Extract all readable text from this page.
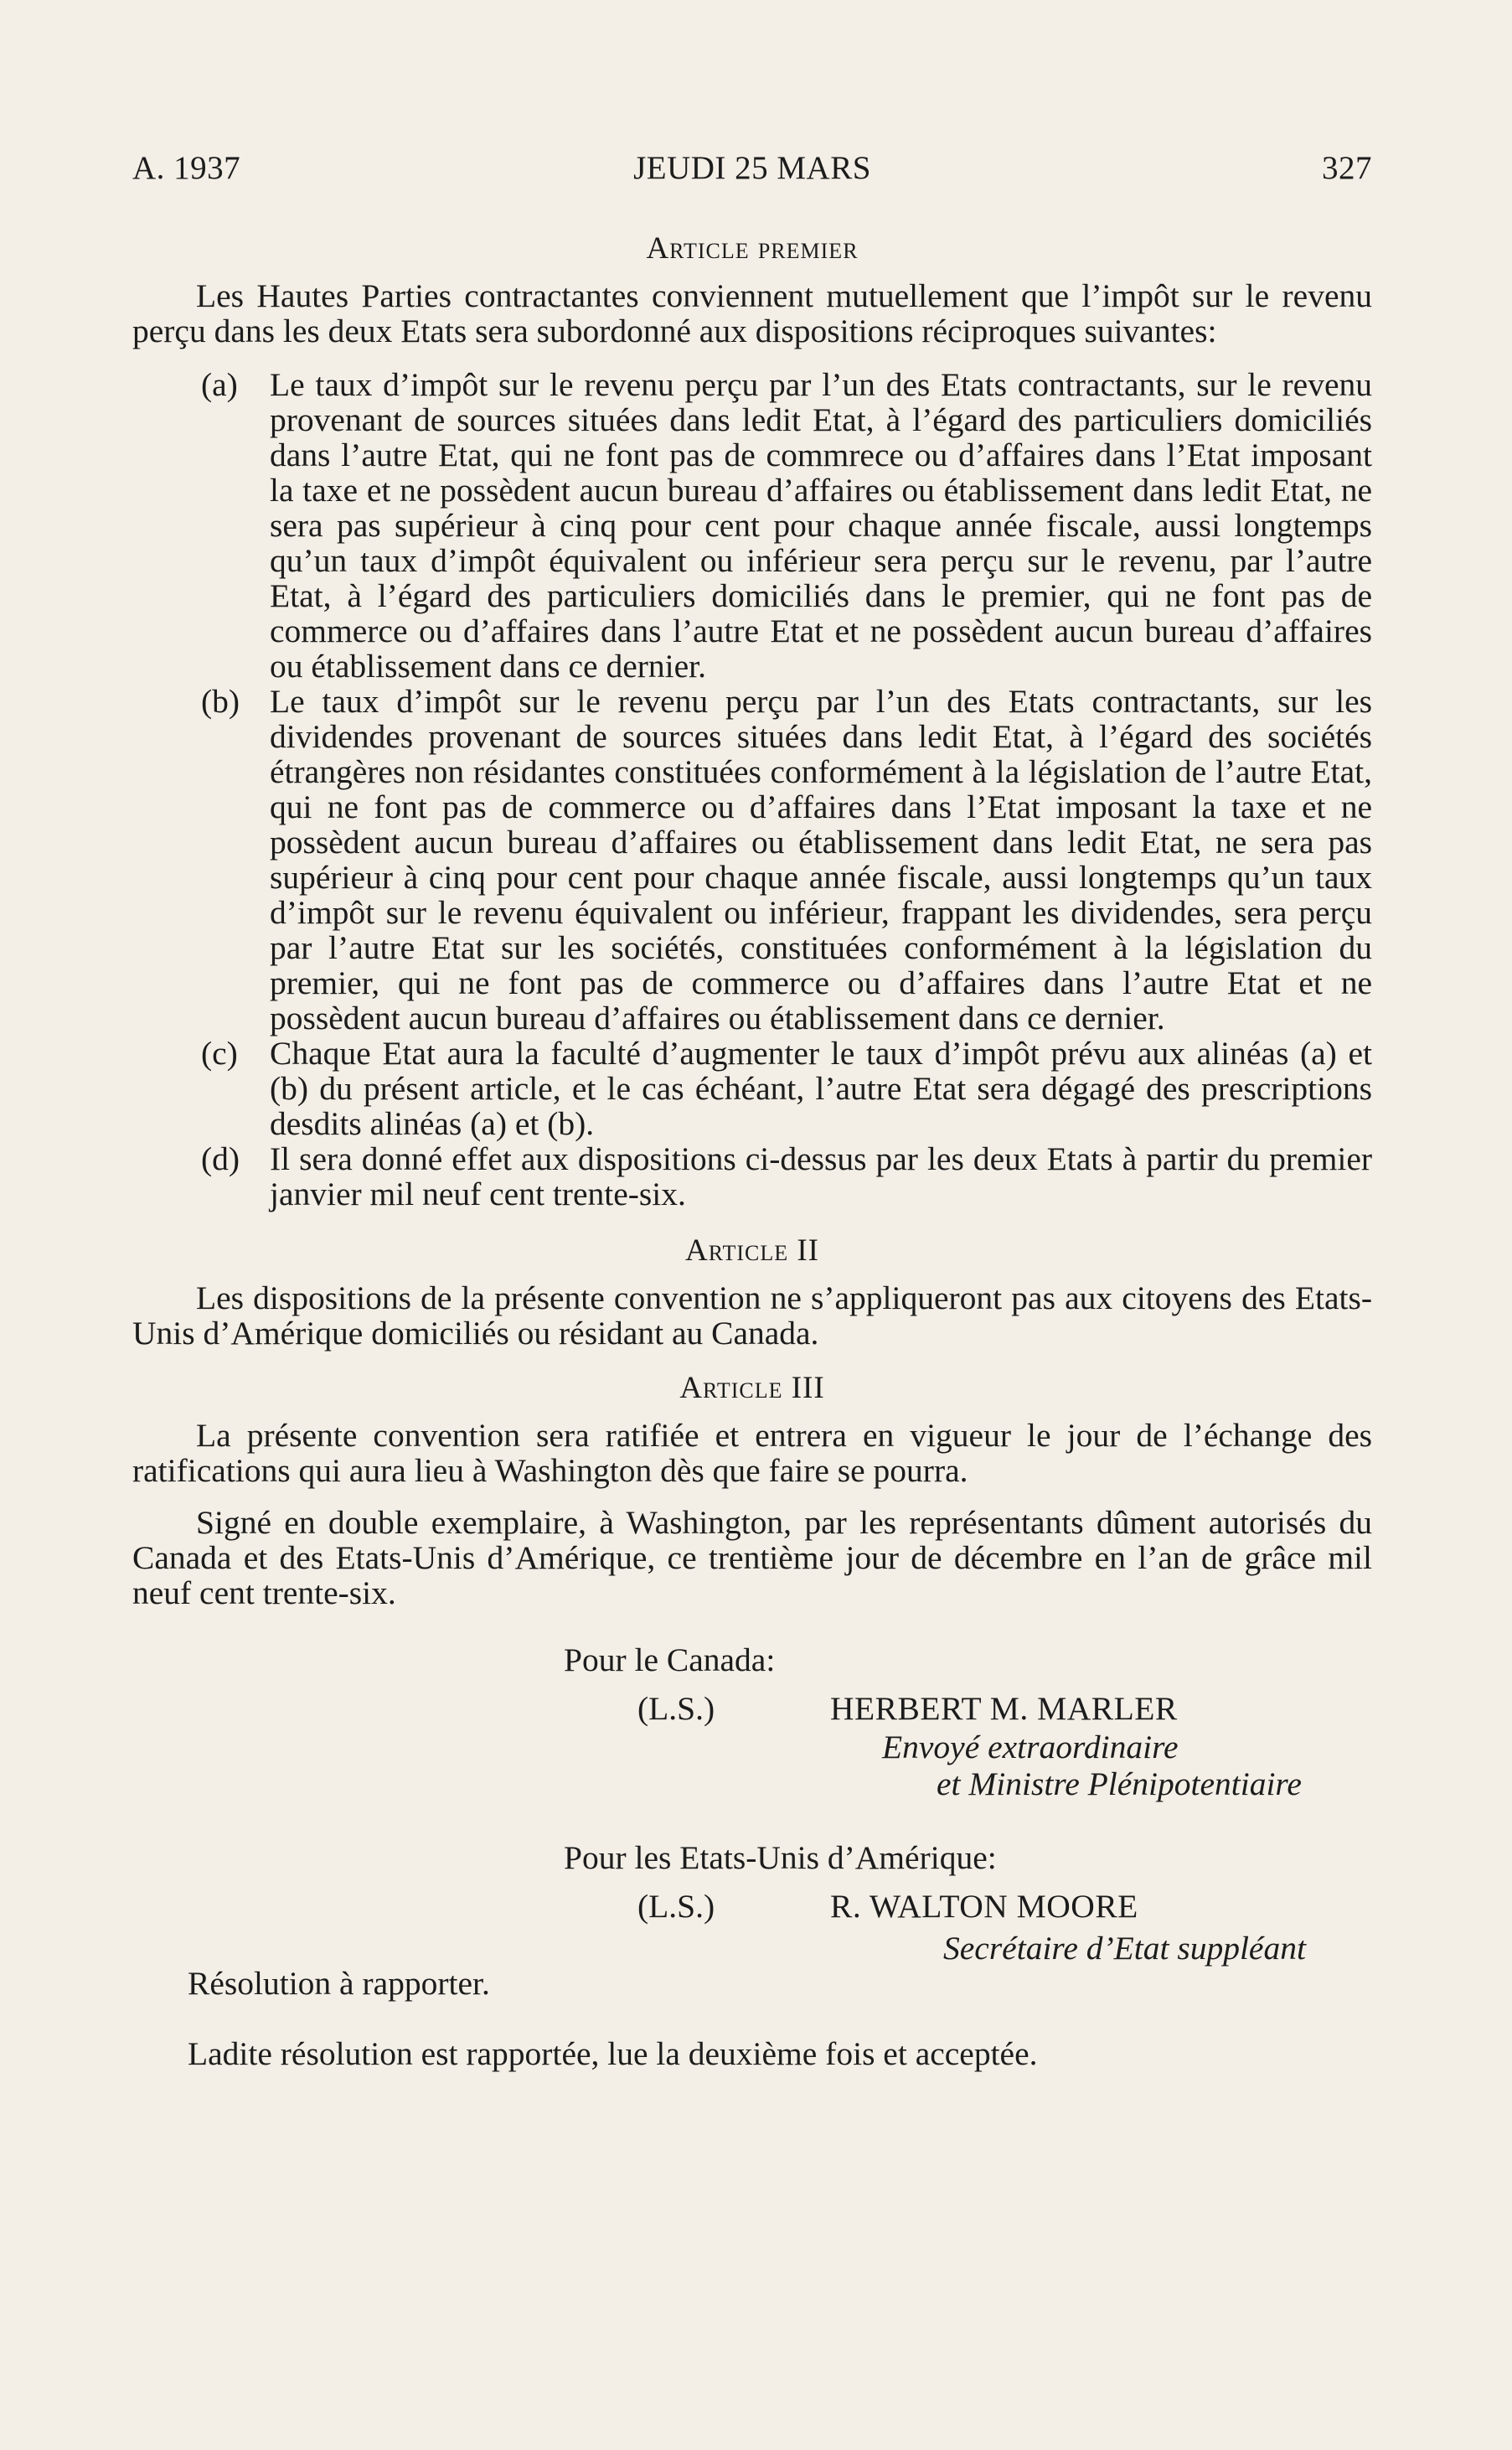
A. 1937	JEUDI 25 MARS	327
Article premier

Les Hautes Parties contractantes conviennent mutuellement que l’impôt sur le revenu perçu dans les deux Etats sera subordonné aux dispositions réciproques suivantes:

(a) Le taux d’impôt sur le revenu perçu par l’un des Etats contractants, sur le revenu provenant de sources situées dans ledit Etat, à l’égard des particuliers domiciliés dans l’autre Etat, qui ne font pas de commrece ou d’affaires dans l’Etat imposant la taxe et ne possèdent aucun bureau d’affaires ou établissement dans ledit Etat, ne sera pas supérieur à cinq pour cent pour chaque année fiscale, aussi longtemps qu’un taux d’impôt équivalent ou inférieur sera perçu sur le revenu, par l’autre Etat, à l’égard des particuliers domiciliés dans le premier, qui ne font pas de commerce ou d’affaires dans l’autre Etat et ne possèdent aucun bureau d’affaires ou établissement dans ce dernier.
(b) Le taux d’impôt sur le revenu perçu par l’un des Etats contractants, sur les dividendes provenant de sources situées dans ledit Etat, à l’égard des sociétés étrangères non résidantes constituées conformément à la législation de l’autre Etat, qui ne font pas de commerce ou d’affaires dans l’Etat imposant la taxe et ne possèdent aucun bureau d’affaires ou établissement dans ledit Etat, ne sera pas supérieur à cinq pour cent pour chaque année fiscale, aussi longtemps qu’un taux d’impôt sur le revenu équivalent ou inférieur, frappant les dividendes, sera perçu par l’autre Etat sur les sociétés, constituées conformément à la législation du premier, qui ne font pas de commerce ou d’affaires dans l’autre Etat et ne possèdent aucun bureau d’affaires ou établissement dans ce dernier.
(c) Chaque Etat aura la faculté d’augmenter le taux d’impôt prévu aux alinéas (a) et (b) du présent article, et le cas échéant, l’autre Etat sera dégagé des prescriptions desdits alinéas (a) et (b).
(d) Il sera donné effet aux dispositions ci-dessus par les deux Etats à partir du premier janvier mil neuf cent trente-six.
Article II

Les dispositions de la présente convention ne s’appliqueront pas aux citoyens des Etats-Unis d’Amérique domiciliés ou résidant au Canada.

Article III

La présente convention sera ratifiée et entrera en vigueur le jour de l’échange des ratifications qui aura lieu à Washington dès que faire se pourra.

Signé en double exemplaire, à Washington, par les représentants dûment autorisés du Canada et des Etats-Unis d’Amérique, ce trentième jour de décembre en l’an de grâce mil neuf cent trente-six.

Pour le Canada:
(L.S.)	HERBERT M. MARLER
Envoyé extraordinaire
et Ministre Plénipotentiaire
Pour les Etats-Unis d’Amérique:
(L.S.)	R. WALTON MOORE
Secrétaire d’Etat suppléant
Résolution à rapporter.

Ladite résolution est rapportée, lue la deuxième fois et acceptée.
